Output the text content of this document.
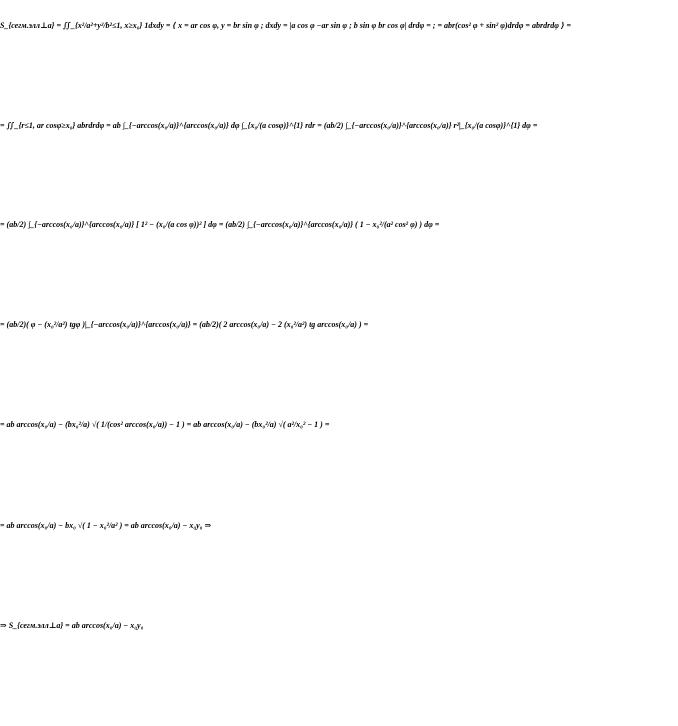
S_{сегм.элл⊥a} = ∬_{x²/a²+y²/b²≤1, x≥x₀} 1dxdy = ⟨ x = ar cos φ, y = br sin φ ; dxdy = |a cos φ −ar sin φ ; b sin φ br cos φ| drdφ = ; = abr(cos² φ + sin² φ)drdφ = abrdrdφ ⟩ =
= ∬_{r≤1, ar cosφ≥x₀} abrdrdφ = ab ∫_{−arccos(x₀/a)}^{arccos(x₀/a)} dφ ∫_{x₀/(a cosφ)}^{1} rdr = (ab/2) ∫_{−arccos(x₀/a)}^{arccos(x₀/a)} r²|_{x₀/(a cosφ)}^{1} dφ =
= (ab/2) ∫_{−arccos(x₀/a)}^{arccos(x₀/a)} [ 1² − (x₀/(a cos φ))² ] dφ = (ab/2) ∫_{−arccos(x₀/a)}^{arccos(x₀/a)} ( 1 − x₀²/(a² cos² φ) ) dφ =
= (ab/2)( φ − (x₀²/a²) tgφ )|_{−arccos(x₀/a)}^{arccos(x₀/a)} = (ab/2)( 2 arccos(x₀/a) − 2 (x₀²/a²) tg arccos(x₀/a) ) =
= ab arccos(x₀/a) − (bx₀²/a) √( 1/(cos² arccos(x₀/a)) − 1 ) = ab arccos(x₀/a) − (bx₀²/a) √( a²/x₀² − 1 ) =
= ab arccos(x₀/a) − bx₀ √( 1 − x₀²/a² ) = ab arccos(x₀/a) − x₀y₀ ⇒
⇒ S_{сегм.элл⊥a} = ab arccos(x₀/a) − x₀y₀
